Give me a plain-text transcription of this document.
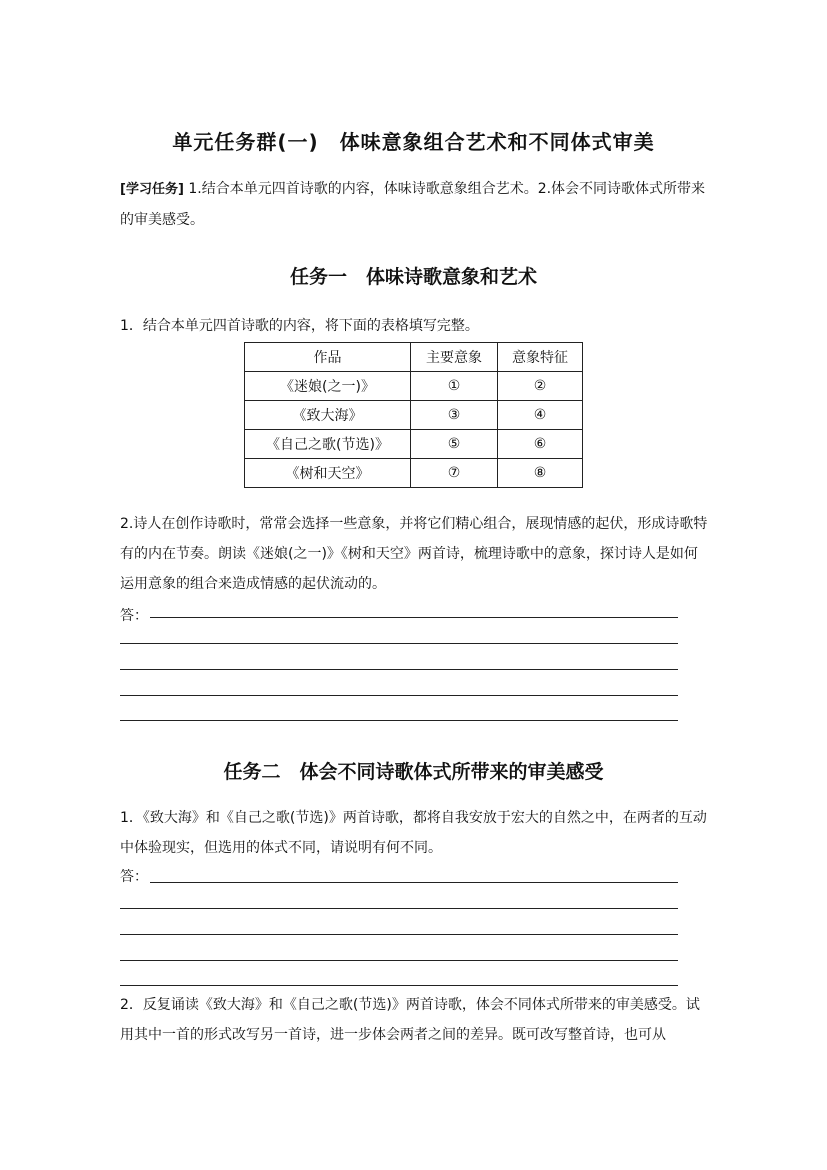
单元任务群(一)　体味意象组合艺术和不同体式审美

[学习任务] 1.结合本单元四首诗歌的内容，体味诗歌意象组合艺术。2.体会不同诗歌体式所带来的审美感受。

任务一　体味诗歌意象和艺术

1．结合本单元四首诗歌的内容，将下面的表格填写完整。

作品	主要意象	意象特征
《迷娘(之一)》	①	②
《致大海》	③	④
《自己之歌(节选)》	⑤	⑥
《树和天空》	⑦	⑧

2.诗人在创作诗歌时，常常会选择一些意象，并将它们精心组合，展现情感的起伏，形成诗歌特有的内在节奏。朗读《迷娘(之一)》《树和天空》两首诗，梳理诗歌中的意象，探讨诗人是如何运用意象的组合来造成情感的起伏流动的。

答：
任务二　体会不同诗歌体式所带来的审美感受

1．《致大海》和《自己之歌(节选)》两首诗歌，都将自我安放于宏大的自然之中，在两者的互动中体验现实，但选用的体式不同，请说明有何不同。

答：

2．反复诵读《致大海》和《自己之歌(节选)》两首诗歌，体会不同体式所带来的审美感受。试用其中一首的形式改写另一首诗，进一步体会两者之间的差异。既可改写整首诗，也可从
